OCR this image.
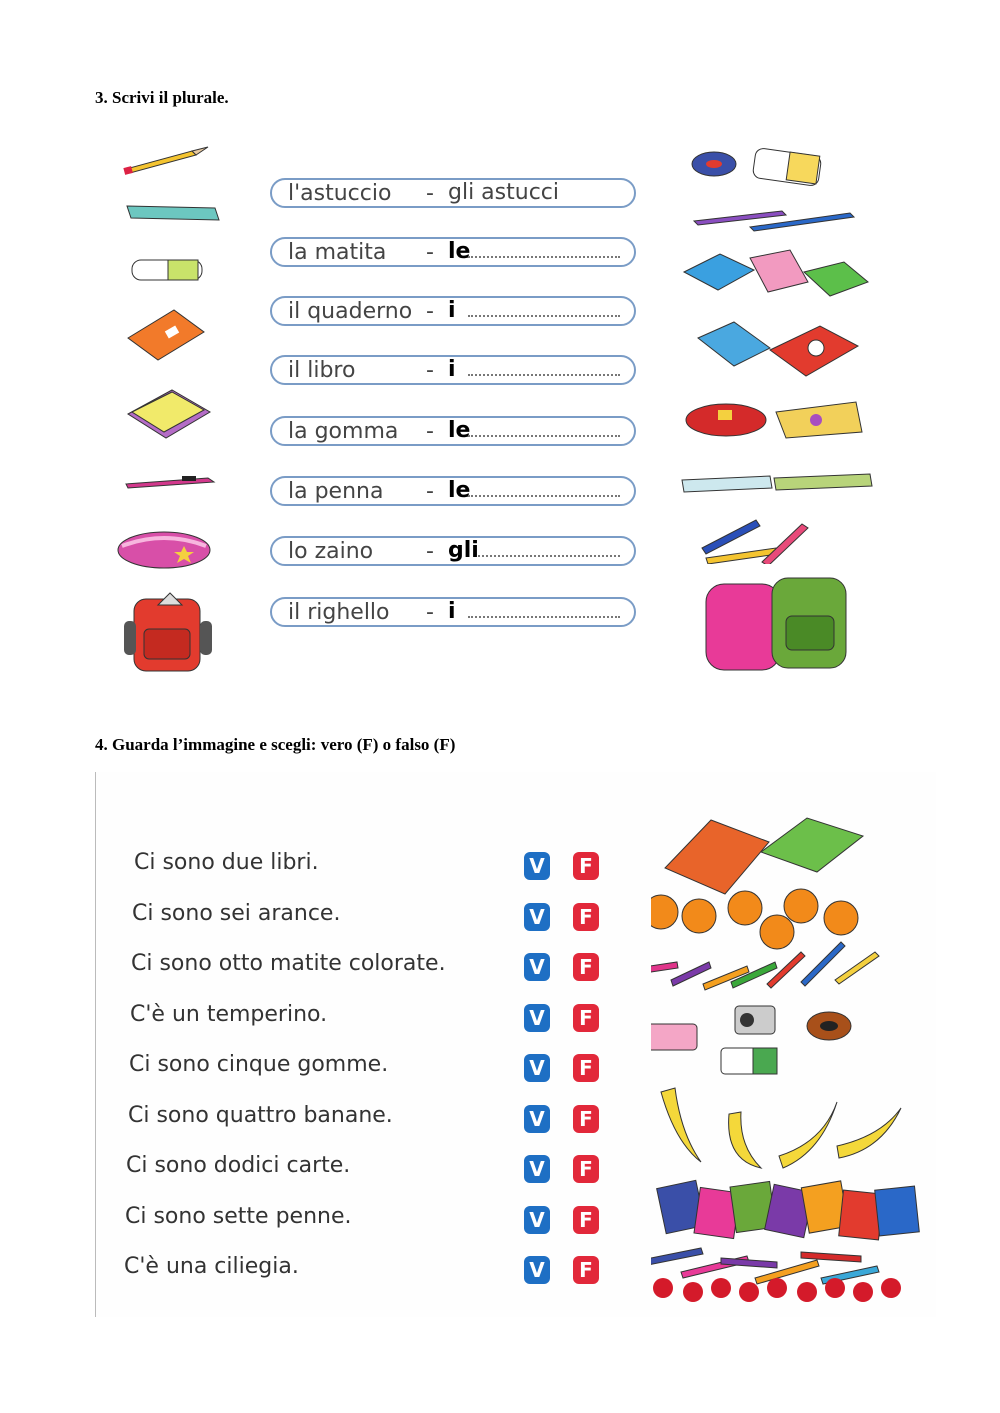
3. Scrivi il plurale.
l'astuccio - gli astucci
la matita - le
il quaderno - i
il libro	- i
la gomma - le
la penna - le
lo zaino - gli
il righello - i
4. Guarda l’immagine e scegli: vero (F) o falso (F)
Ci sono due libri.	V	F
Ci sono sei arance.	V	F
Ci sono otto matite colorate.	V	F
C'è un temperino.	V	F
Ci sono cinque gomme.	V	F
Ci sono quattro banane.	V	F
Ci sono dodici carte.	V	F
Ci sono sette penne.	V	F
C'è una ciliegia.	V	F
